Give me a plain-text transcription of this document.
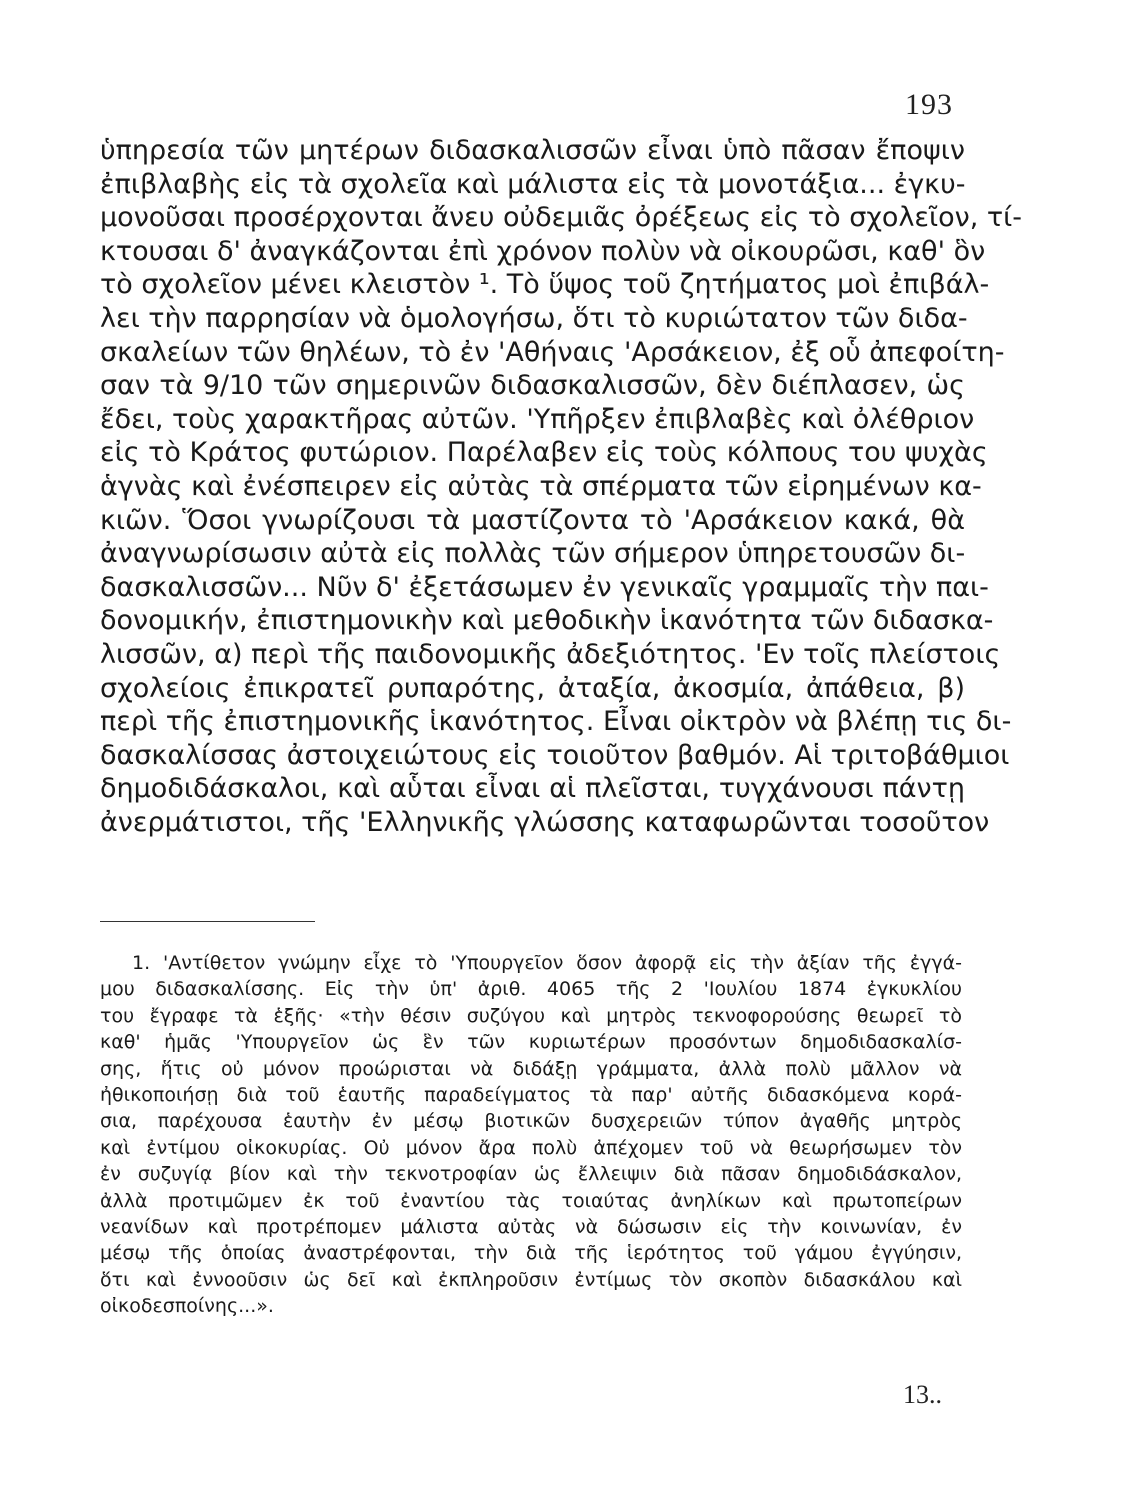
193
ὑπηρεσία τῶν μητέρων διδασκαλισσῶν εἶναι ὑπὸ πᾶσαν ἔποψιν
ἐπιβλαβὴς εἰς τὰ σχολεῖα καὶ μάλιστα εἰς τὰ μονοτάξια... ἐγκυ-
μονοῦσαι προσέρχονται ἄνευ οὐδεμιᾶς ὀρέξεως εἰς τὸ σχολεῖον, τί-
κτουσαι δ' ἀναγκάζονται ἐπὶ χρόνον πολὺν νὰ οἰκουρῶσι, καθ' ὃν
τὸ σχολεῖον μένει κλειστὸν ¹. Τὸ ὕψος τοῦ ζητήματος μοὶ ἐπιβάλ-
λει τὴν παρρησίαν νὰ ὁμολογήσω, ὅτι τὸ κυριώτατον τῶν διδα-
σκαλείων τῶν θηλέων, τὸ ἐν 'Αθήναις 'Αρσάκειον, ἐξ οὗ ἀπεφοίτη-
σαν τὰ 9/10 τῶν σημερινῶν διδασκαλισσῶν, δὲν διέπλασεν, ὡς
ἔδει, τοὺς χαρακτῆρας αὐτῶν. 'Υπῆρξεν ἐπιβλαβὲς καὶ ὀλέθριον
εἰς τὸ Κράτος φυτώριον. Παρέλαβεν εἰς τοὺς κόλπους του ψυχὰς
ἁγνὰς καὶ ἐνέσπειρεν εἰς αὐτὰς τὰ σπέρματα τῶν εἰρημένων κα-
κιῶν. Ὅσοι γνωρίζουσι τὰ μαστίζοντα τὸ 'Αρσάκειον κακά, θὰ
ἀναγνωρίσωσιν αὐτὰ εἰς πολλὰς τῶν σήμερον ὑπηρετουσῶν δι-
δασκαλισσῶν... Νῦν δ' ἐξετάσωμεν ἐν γενικαῖς γραμμαῖς τὴν παι-
δονομικήν, ἐπιστημονικὴν καὶ μεθοδικὴν ἱκανότητα τῶν διδασκα-
λισσῶν, α) περὶ τῆς παιδονομικῆς ἀδεξιότητος. 'Εν τοῖς πλείστοις
σχολείοις ἐπικρατεῖ ρυπαρότης, ἀταξία, ἀκοσμία, ἀπάθεια, β)
περὶ τῆς ἐπιστημονικῆς ἱκανότητος. Εἶναι οἰκτρὸν νὰ βλέπῃ τις δι-
δασκαλίσσας ἀστοιχειώτους εἰς τοιοῦτον βαθμόν. Αἱ τριτοβάθμιοι
δημοδιδάσκαλοι, καὶ αὗται εἶναι αἱ πλεῖσται, τυγχάνουσι πάντῃ
ἀνερμάτιστοι, τῆς 'Ελληνικῆς γλώσσης καταφωρῶνται τοσοῦτον
1. 'Αντίθετον γνώμην εἶχε τὸ 'Υπουργεῖον ὅσον ἀφορᾷ εἰς τὴν ἀξίαν τῆς ἐγγά-
μου διδασκαλίσσης. Εἰς τὴν ὑπ' ἀριθ. 4065 τῆς 2 'Ιουλίου 1874 ἐγκυκλίου
του ἔγραφε τὰ ἑξῆς· «τὴν θέσιν συζύγου καὶ μητρὸς τεκνοφορούσης θεωρεῖ τὸ
καθ' ἡμᾶς 'Υπουργεῖον ὡς ἓν τῶν κυριωτέρων προσόντων δημοδιδασκαλίσ-
σης, ἥτις οὐ μόνον προώρισται νὰ διδάξῃ γράμματα, ἀλλὰ πολὺ μᾶλλον νὰ
ἠθικοποιήσῃ διὰ τοῦ ἑαυτῆς παραδείγματος τὰ παρ' αὐτῆς διδασκόμενα κορά-
σια, παρέχουσα ἑαυτὴν ἐν μέσῳ βιοτικῶν δυσχερειῶν τύπον ἀγαθῆς μητρὸς
καὶ ἐντίμου οἰκοκυρίας. Οὐ μόνον ἄρα πολὺ ἀπέχομεν τοῦ νὰ θεωρήσωμεν τὸν
ἐν συζυγίᾳ βίον καὶ τὴν τεκνοτροφίαν ὡς ἔλλειψιν διὰ πᾶσαν δημοδιδάσκαλον,
ἀλλὰ προτιμῶμεν ἐκ τοῦ ἐναντίου τὰς τοιαύτας ἀνηλίκων καὶ πρωτοπείρων
νεανίδων καὶ προτρέπομεν μάλιστα αὐτὰς νὰ δώσωσιν εἰς τὴν κοινωνίαν, ἐν
μέσῳ τῆς ὁποίας ἀναστρέφονται, τὴν διὰ τῆς ἱερότητος τοῦ γάμου ἐγγύησιν,
ὅτι καὶ ἐννοοῦσιν ὡς δεῖ καὶ ἐκπληροῦσιν ἐντίμως τὸν σκοπὸν διδασκάλου καὶ
οἰκοδεσποίνης...».
13..
